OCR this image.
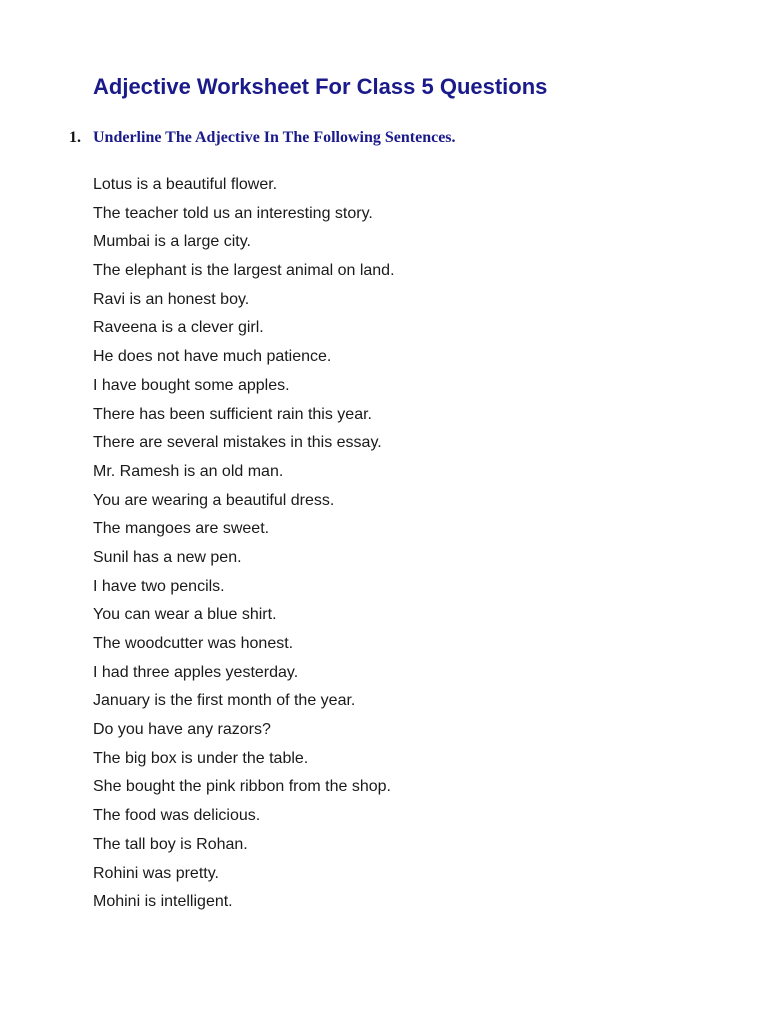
Adjective Worksheet For Class 5 Questions
1. Underline The Adjective In The Following Sentences.
Lotus is a beautiful flower.
The teacher told us an interesting story.
Mumbai is a large city.
The elephant is the largest animal on land.
Ravi is an honest boy.
Raveena is a clever girl.
He does not have much patience.
I have bought some apples.
There has been sufficient rain this year.
There are several mistakes in this essay.
Mr. Ramesh is an old man.
You are wearing a beautiful dress.
The mangoes are sweet.
Sunil has a new pen.
I have two pencils.
You can wear a blue shirt.
The woodcutter was honest.
I had three apples yesterday.
January is the first month of the year.
Do you have any razors?
The big box is under the table.
She bought the pink ribbon from the shop.
The food was delicious.
The tall boy is Rohan.
Rohini was pretty.
Mohini is intelligent.
